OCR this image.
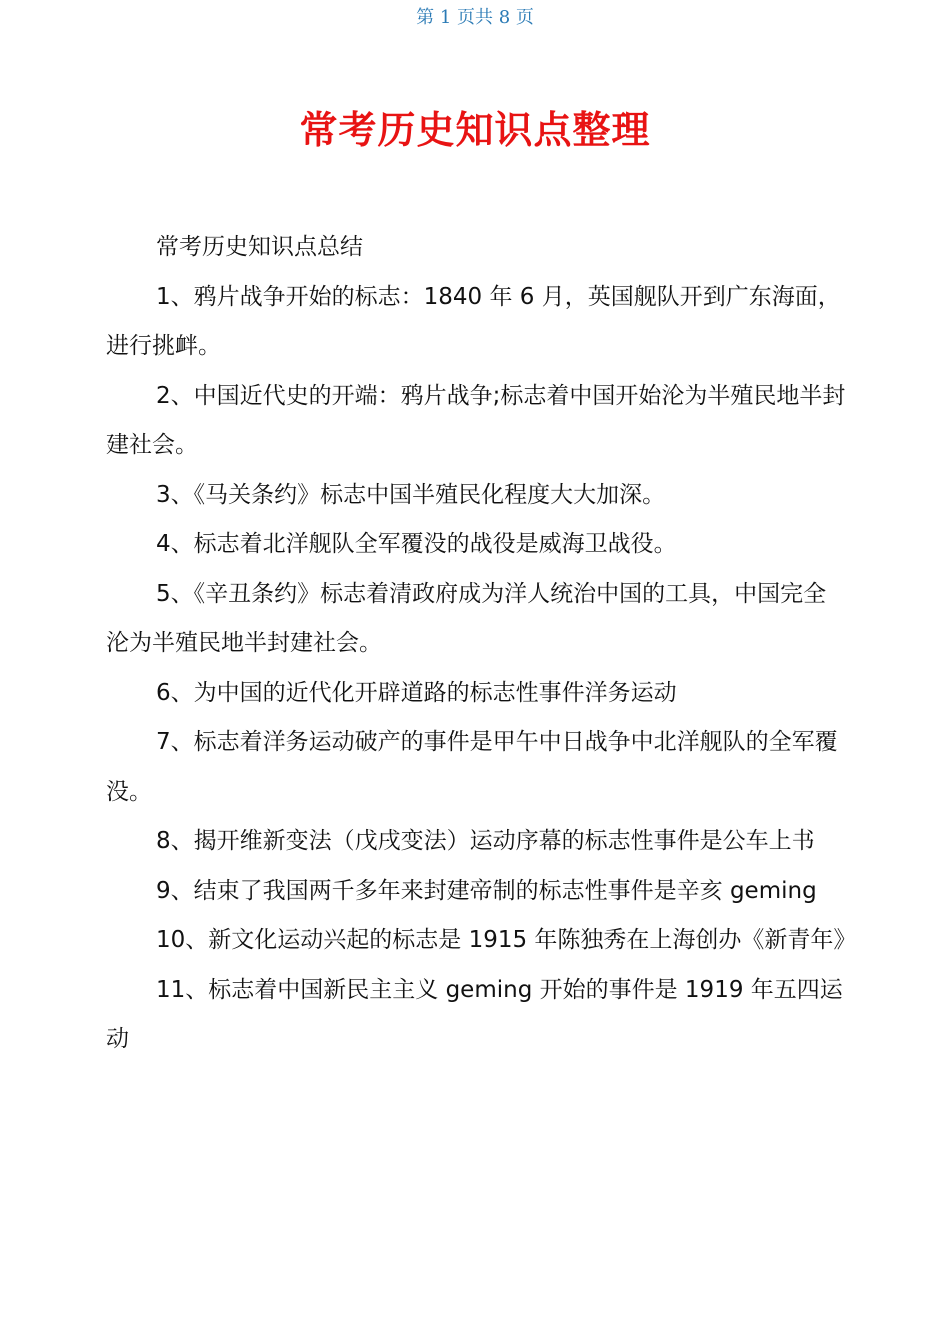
第 1 页共 8 页
常考历史知识点整理

常考历史知识点总结

1、鸦片战争开始的标志：1840 年 6 月，英国舰队开到广东海面，进行挑衅。

2、中国近代史的开端：鸦片战争;标志着中国开始沦为半殖民地半封建社会。

3、《马关条约》标志中国半殖民化程度大大加深。

4、标志着北洋舰队全军覆没的战役是威海卫战役。

5、《辛丑条约》标志着清政府成为洋人统治中国的工具，中国完全沦为半殖民地半封建社会。

6、为中国的近代化开辟道路的标志性事件洋务运动

7、标志着洋务运动破产的事件是甲午中日战争中北洋舰队的全军覆没。

8、揭开维新变法（戊戌变法）运动序幕的标志性事件是公车上书

9、结束了我国两千多年来封建帝制的标志性事件是辛亥 geming

10、新文化运动兴起的标志是 1915 年陈独秀在上海创办《新青年》

11、标志着中国新民主主义 geming 开始的事件是 1919 年五四运动
